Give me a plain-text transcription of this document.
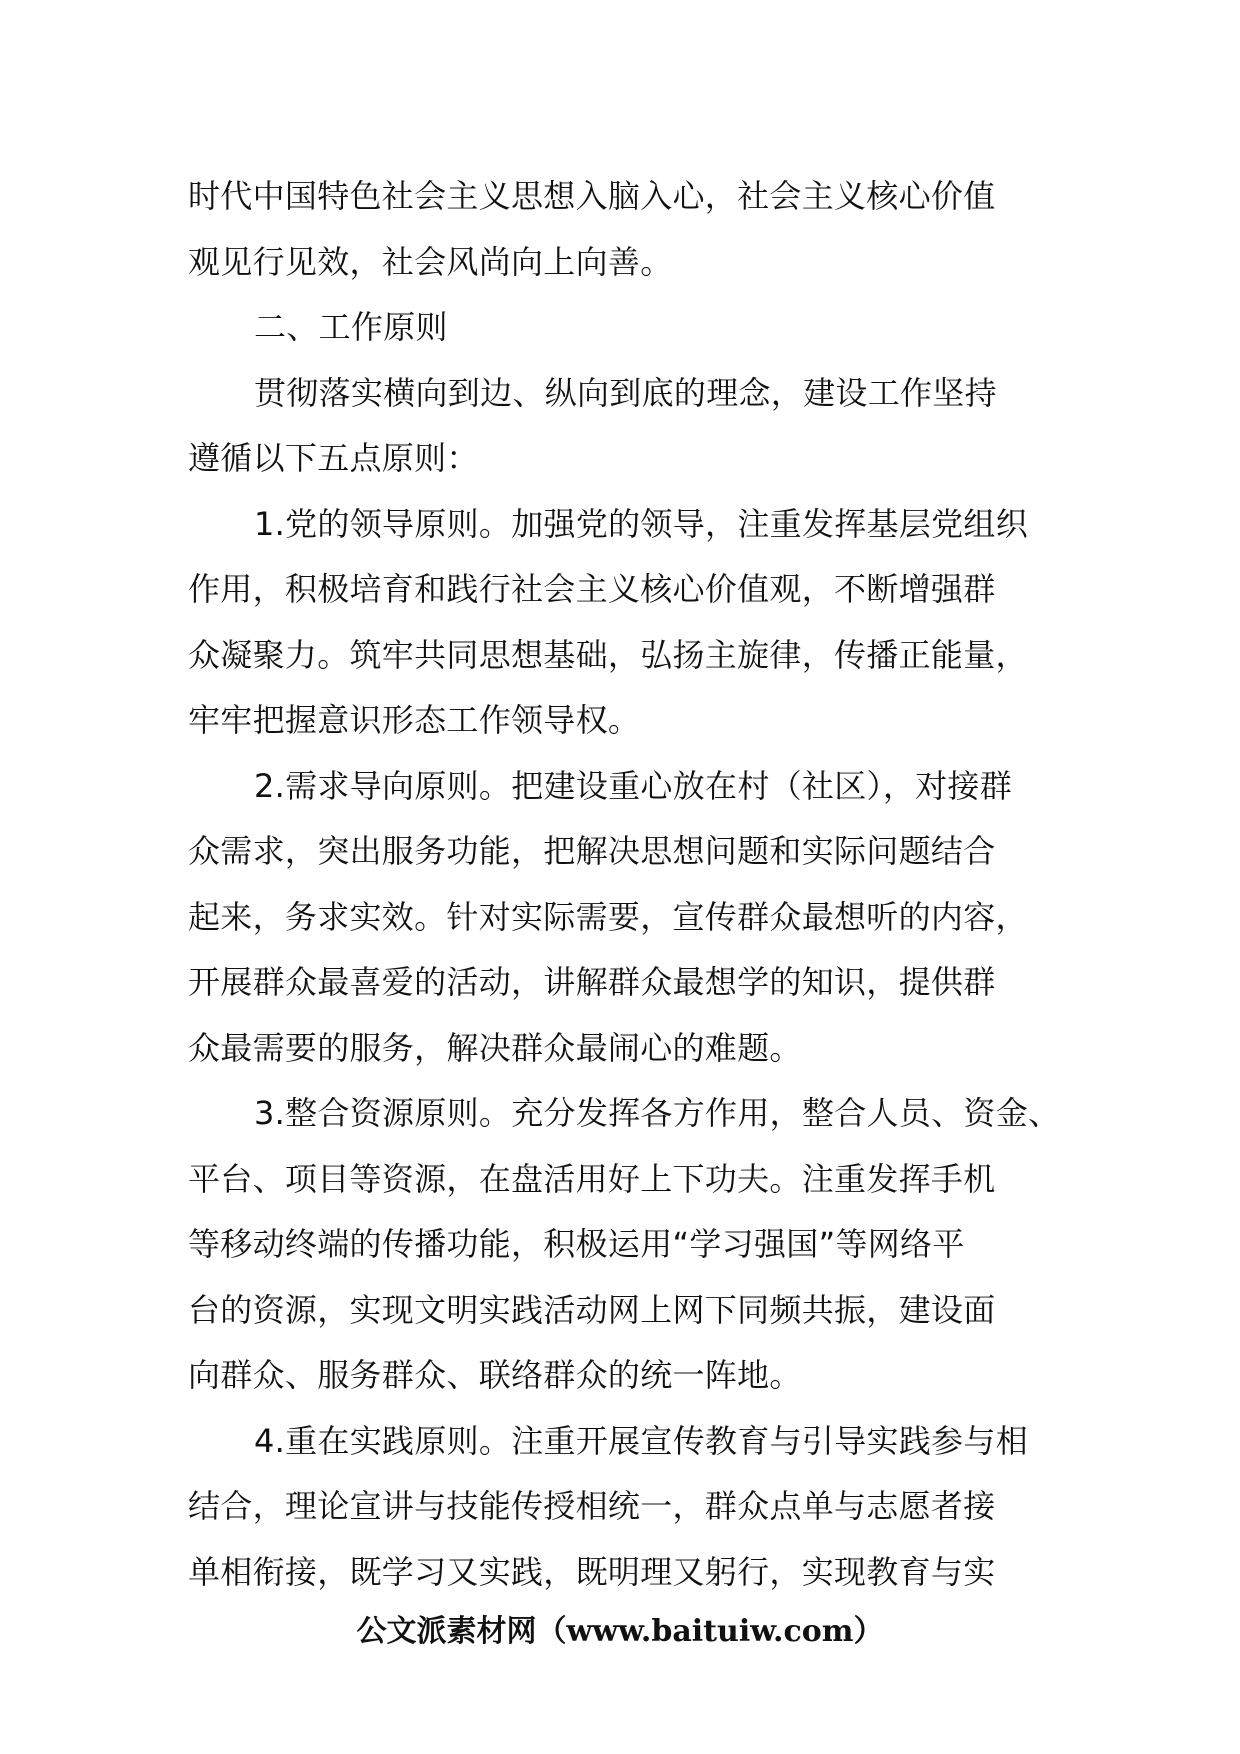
时代中国特色社会主义思想入脑入心，社会主义核心价值
观见行见效，社会风尚向上向善。
二、工作原则
贯彻落实横向到边、纵向到底的理念，建设工作坚持
遵循以下五点原则：
1.党的领导原则。加强党的领导，注重发挥基层党组织
作用，积极培育和践行社会主义核心价值观，不断增强群
众凝聚力。筑牢共同思想基础，弘扬主旋律，传播正能量，
牢牢把握意识形态工作领导权。
2.需求导向原则。把建设重心放在村（社区），对接群
众需求，突出服务功能，把解决思想问题和实际问题结合
起来，务求实效。针对实际需要，宣传群众最想听的内容，
开展群众最喜爱的活动，讲解群众最想学的知识，提供群
众最需要的服务，解决群众最闹心的难题。
3.整合资源原则。充分发挥各方作用，整合人员、资金、
平台、项目等资源，在盘活用好上下功夫。注重发挥手机
等移动终端的传播功能，积极运用“学习强国”等网络平
台的资源，实现文明实践活动网上网下同频共振，建设面
向群众、服务群众、联络群众的统一阵地。
4.重在实践原则。注重开展宣传教育与引导实践参与相
结合，理论宣讲与技能传授相统一，群众点单与志愿者接
单相衔接，既学习又实践，既明理又躬行，实现教育与实
公文派素材网（www.baituiw.com）
